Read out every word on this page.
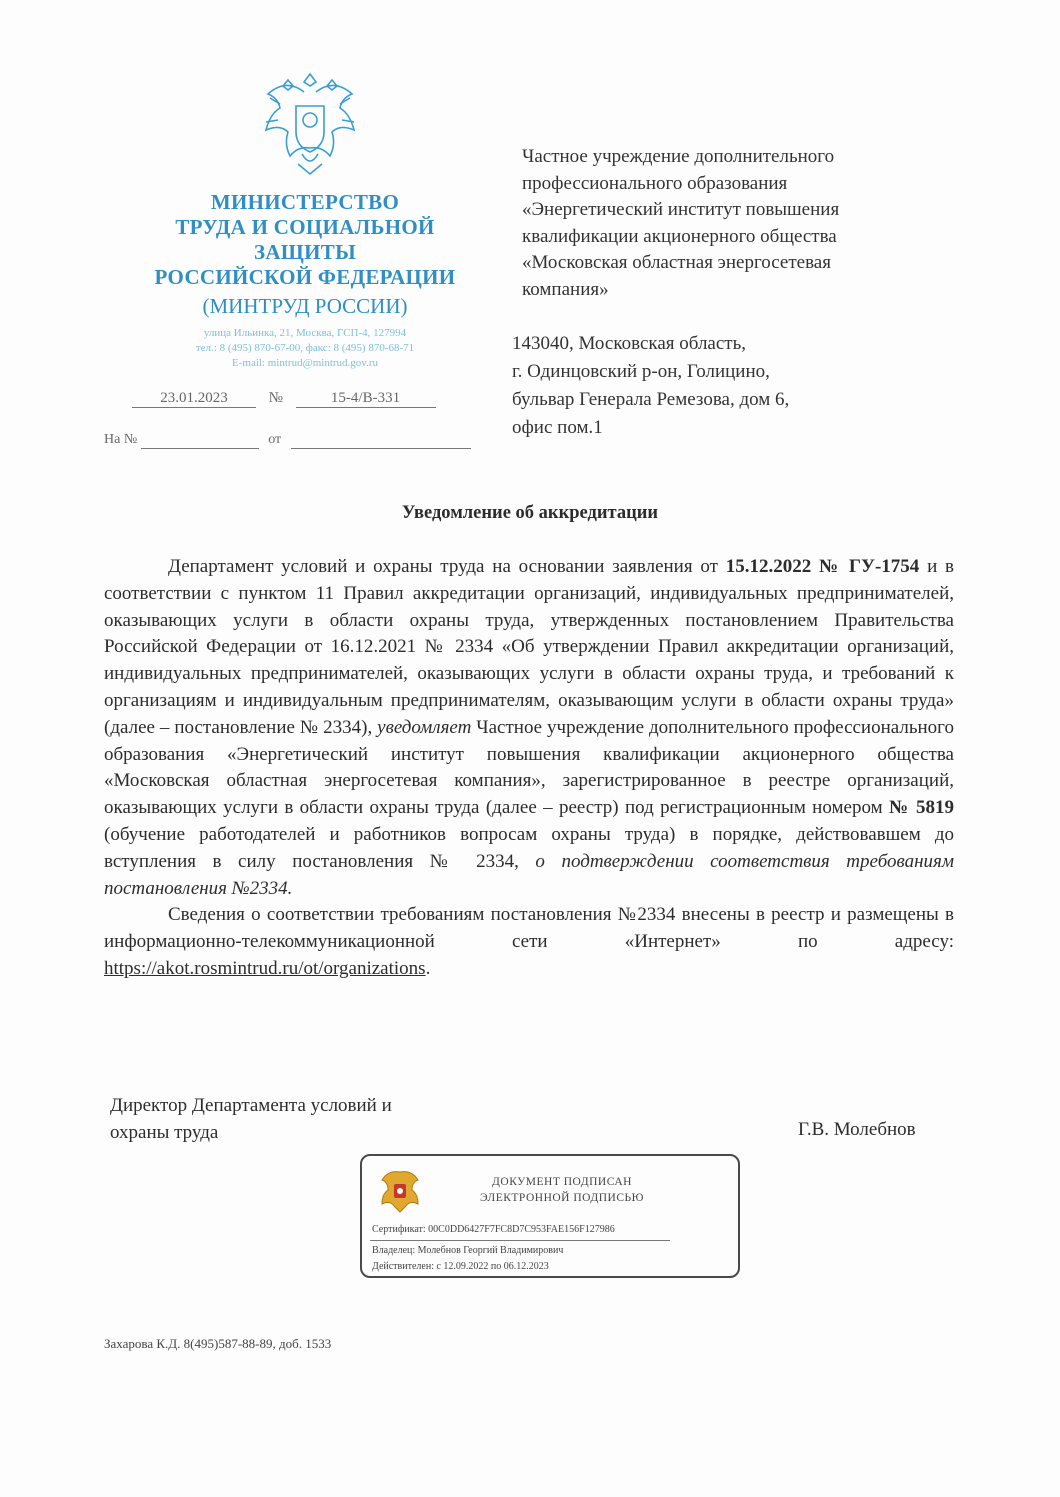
МИНИСТЕРСТВО
ТРУДА И СОЦИАЛЬНОЙ
ЗАЩИТЫ
РОССИЙСКОЙ ФЕДЕРАЦИИ
(МИНТРУД РОССИИ)
улица Ильинка, 21, Москва, ГСП-4, 127994
тел.: 8 (495) 870-67-00, факс: 8 (495) 870-68-71
E-mail: mintrud@mintrud.gov.ru
23.01.2023	№	15-4/В-331
На №	от
Частное учреждение дополнительного
профессионального образования
«Энергетический институт повышения
квалификации акционерного общества
«Московская областная энергосетевая
компания»
143040, Московская область,
г. Одинцовский р-он, Голицино,
бульвар Генерала Ремезова, дом 6,
офис пом.1
Уведомление об аккредитации

Департамент условий и охраны труда на основании заявления от 15.12.2022 № ГУ-1754 и в соответствии с пунктом 11 Правил аккредитации организаций, индивидуальных предпринимателей, оказывающих услуги в области охраны труда, утвержденных постановлением Правительства Российской Федерации от 16.12.2021 № 2334 «Об утверждении Правил аккредитации организаций, индивидуальных предпринимателей, оказывающих услуги в области охраны труда, и требований к организациям и индивидуальным предпринимателям, оказывающим услуги в области охраны труда» (далее – постановление № 2334), уведомляет Частное учреждение дополнительного профессионального образования «Энергетический институт повышения квалификации акционерного общества «Московская областная энергосетевая компания», зарегистрированное в реестре организаций, оказывающих услуги в области охраны труда (далее – реестр) под регистрационным номером № 5819 (обучение работодателей и работников вопросам охраны труда) в порядке, действовавшем до вступления в силу постановления № 2334, о подтверждении соответствия требованиям постановления №2334.

Сведения о соответствии требованиям постановления №2334 внесены в реестр и размещены в информационно-телекоммуникационной сети «Интернет» по адресу: https://akot.rosmintrud.ru/ot/organizations.

Директор Департамента условий и
охраны труда	Г.В. Молебнов
ДОКУМЕНТ ПОДПИСАН
ЭЛЕКТРОННОЙ ПОДПИСЬЮ
Сертификат: 00C0DD6427F7FC8D7C953FAE156F127986
Владелец: Молебнов Георгий Владимирович
Действителен: с 12.09.2022 по 06.12.2023
Захарова К.Д. 8(495)587-88-89, доб. 1533
